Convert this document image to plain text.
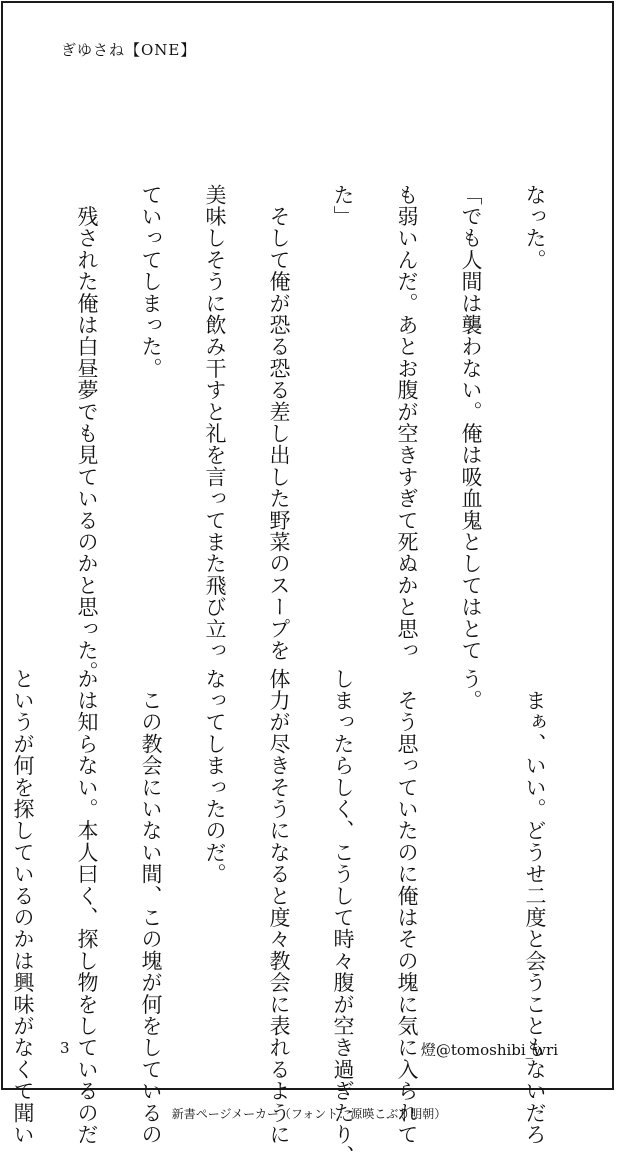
ぎゆさね【ONE】

なった。

「でも人間は襲わない。俺は吸血鬼としてはとて

も弱いんだ。あとお腹が空きすぎて死ぬかと思っ

た」

　そして俺が恐る恐る差し出した野菜のスープを

美味しそうに飲み干すと礼を言ってまた飛び立っ

ていってしまった。

　残された俺は白昼夢でも見ているのかと思った。

　まぁ、いい。どうせ二度と会うこともないだろ

う。

　そう思っていたのに俺はその塊に気に入られて

しまったらしく、こうして時々腹が空き過ぎたり、

体力が尽きそうになると度々教会に表れるように

なってしまったのだ。

　この教会にいない間、この塊が何をしているの

かは知らない。本人曰く、探し物をしているのだ

というが何を探しているのかは興味がなくて聞い

	3	燈@tomoshibi_wri
新書ページメーカー（フォント：源暎こぶり明朝）
